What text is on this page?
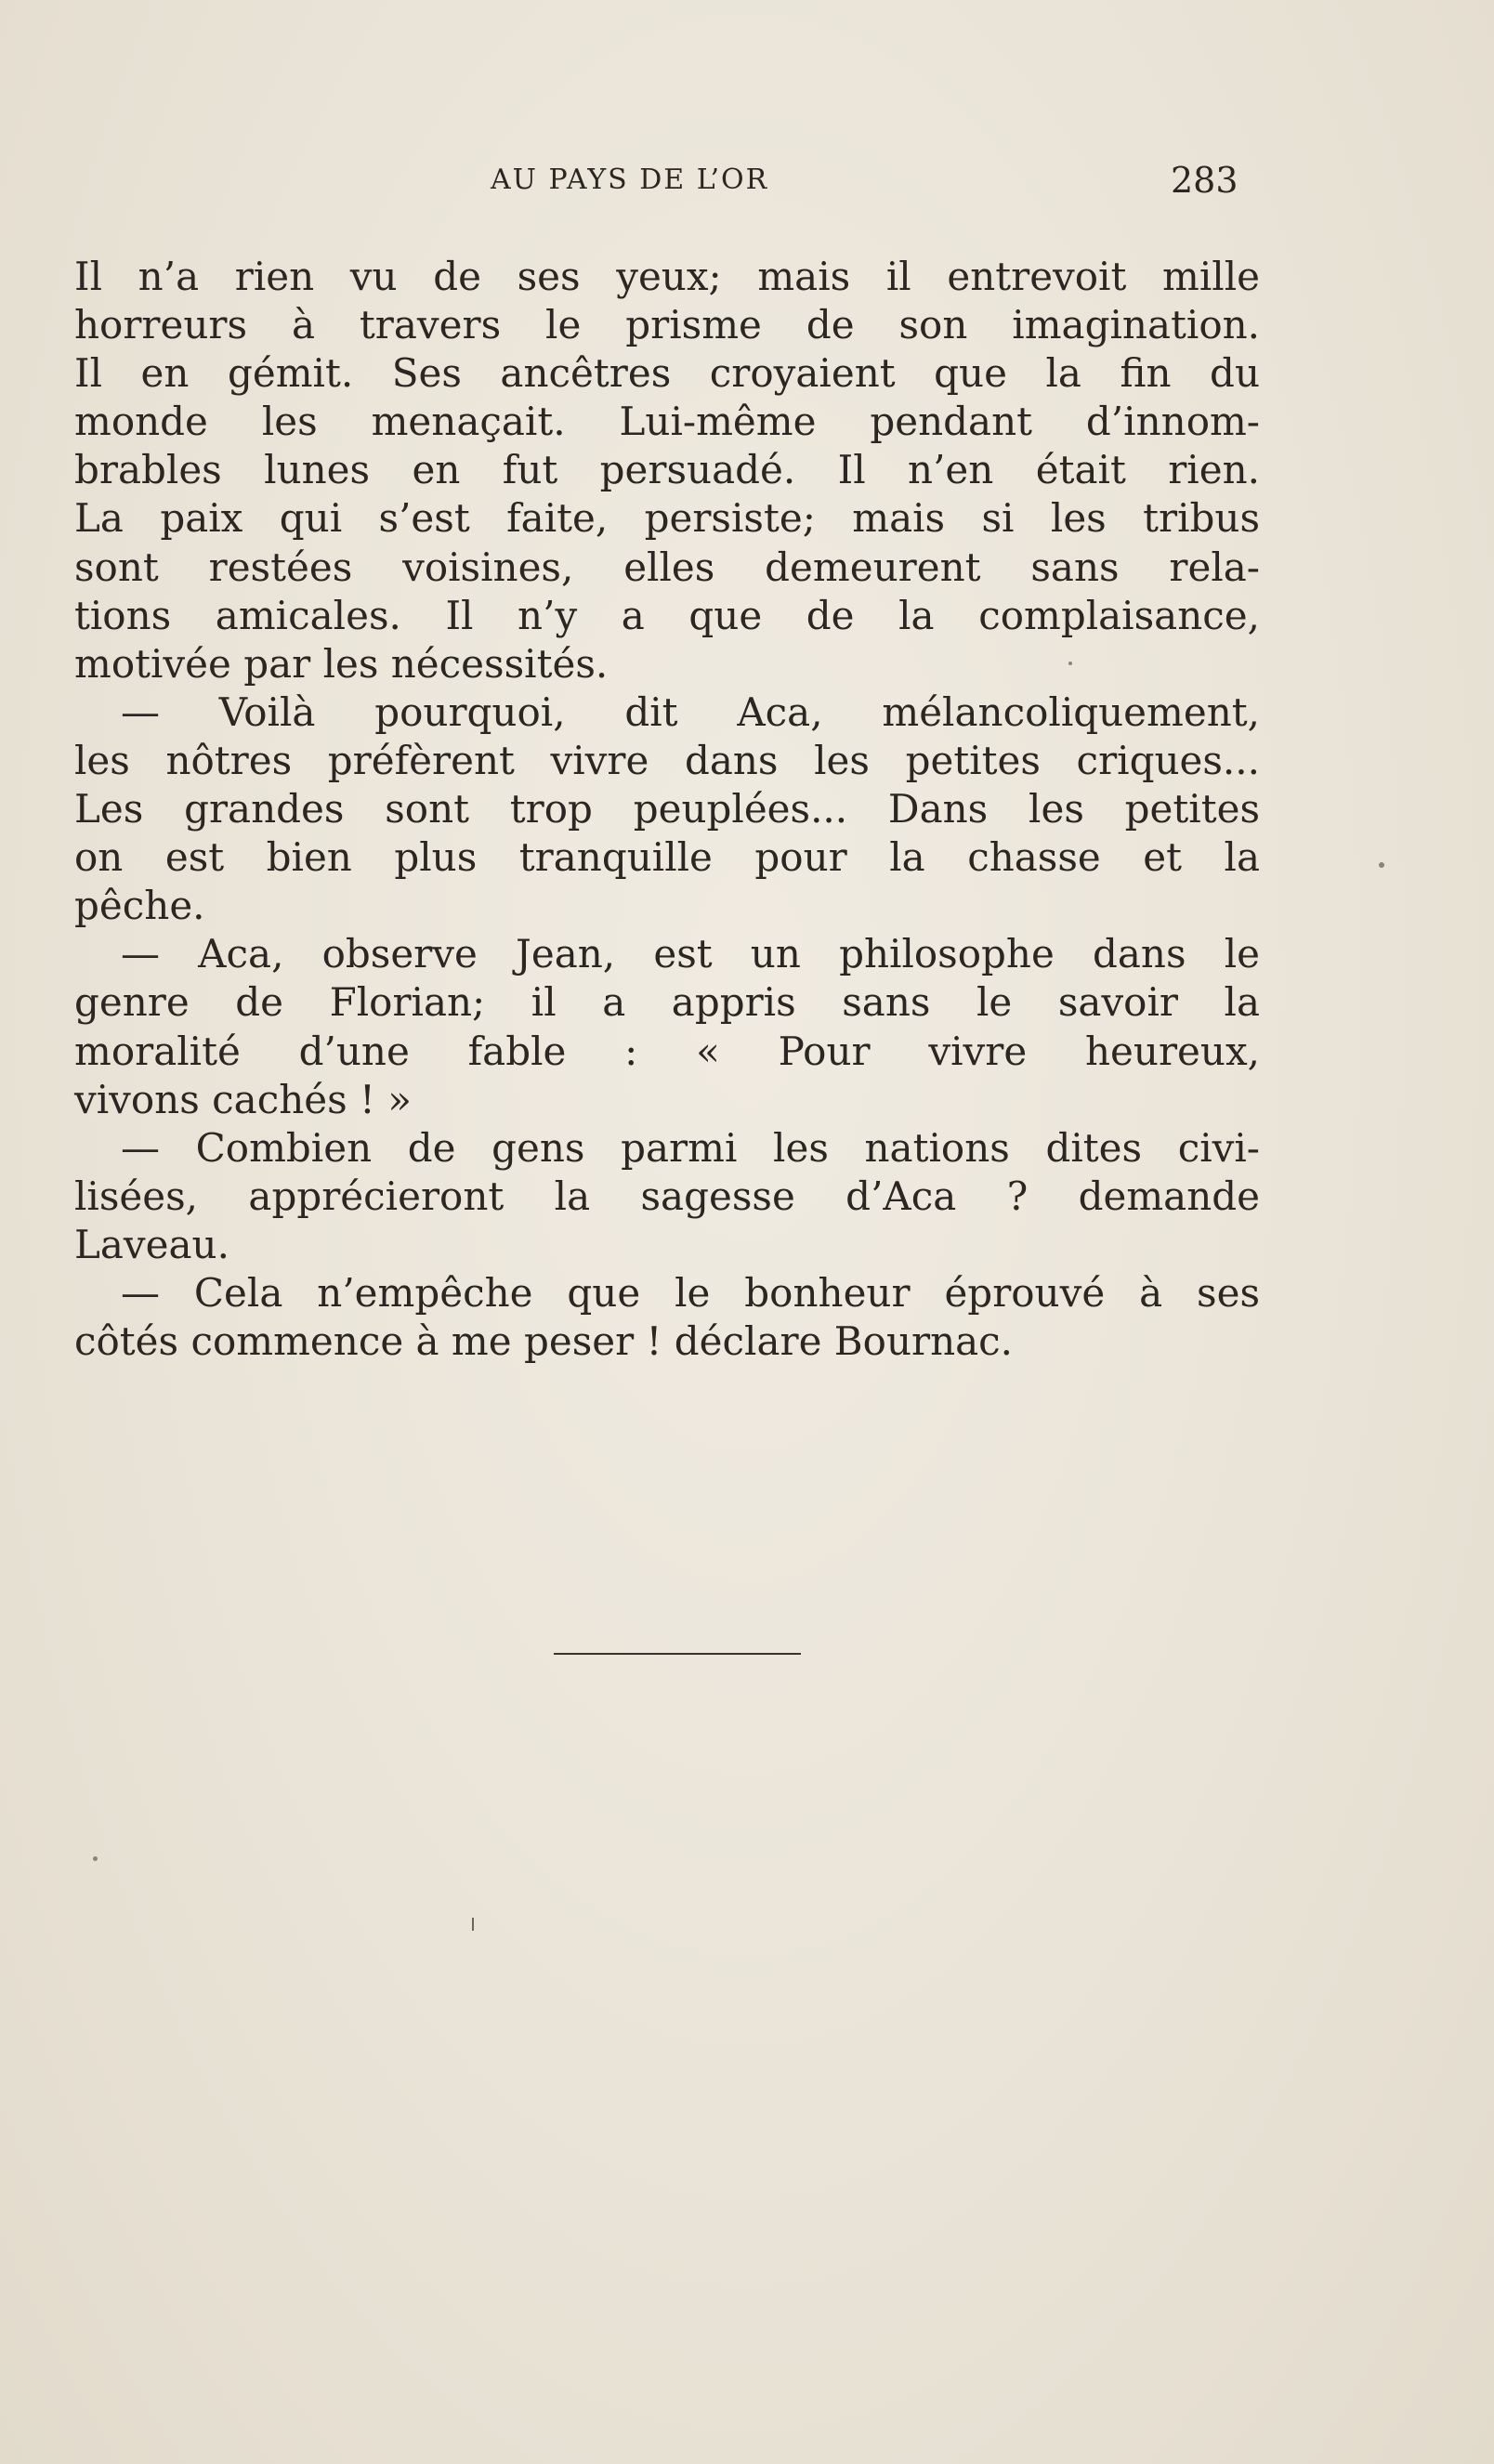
AU PAYS DE L’OR	283
Il n’a rien vu de ses yeux; mais il entrevoit mille
horreurs à travers le prisme de son imagination.
Il en gémit. Ses ancêtres croyaient que la fin du
monde les menaçait. Lui-même pendant d’innom-
brables lunes en fut persuadé. Il n’en était rien.
La paix qui s’est faite, persiste; mais si les tribus
sont restées voisines, elles demeurent sans rela-
tions amicales. Il n’y a que de la complaisance,
motivée par les nécessités.
— Voilà pourquoi, dit Aca, mélancoliquement,
les nôtres préfèrent vivre dans les petites criques...
Les grandes sont trop peuplées... Dans les petites
on est bien plus tranquille pour la chasse et la
pêche.
— Aca, observe Jean, est un philosophe dans le
genre de Florian; il a appris sans le savoir la
moralité d’une fable : « Pour vivre heureux,
vivons cachés ! »
— Combien de gens parmi les nations dites civi-
lisées, apprécieront la sagesse d’Aca ? demande
Laveau.
— Cela n’empêche que le bonheur éprouvé à ses
côtés commence à me peser ! déclare Bournac.
